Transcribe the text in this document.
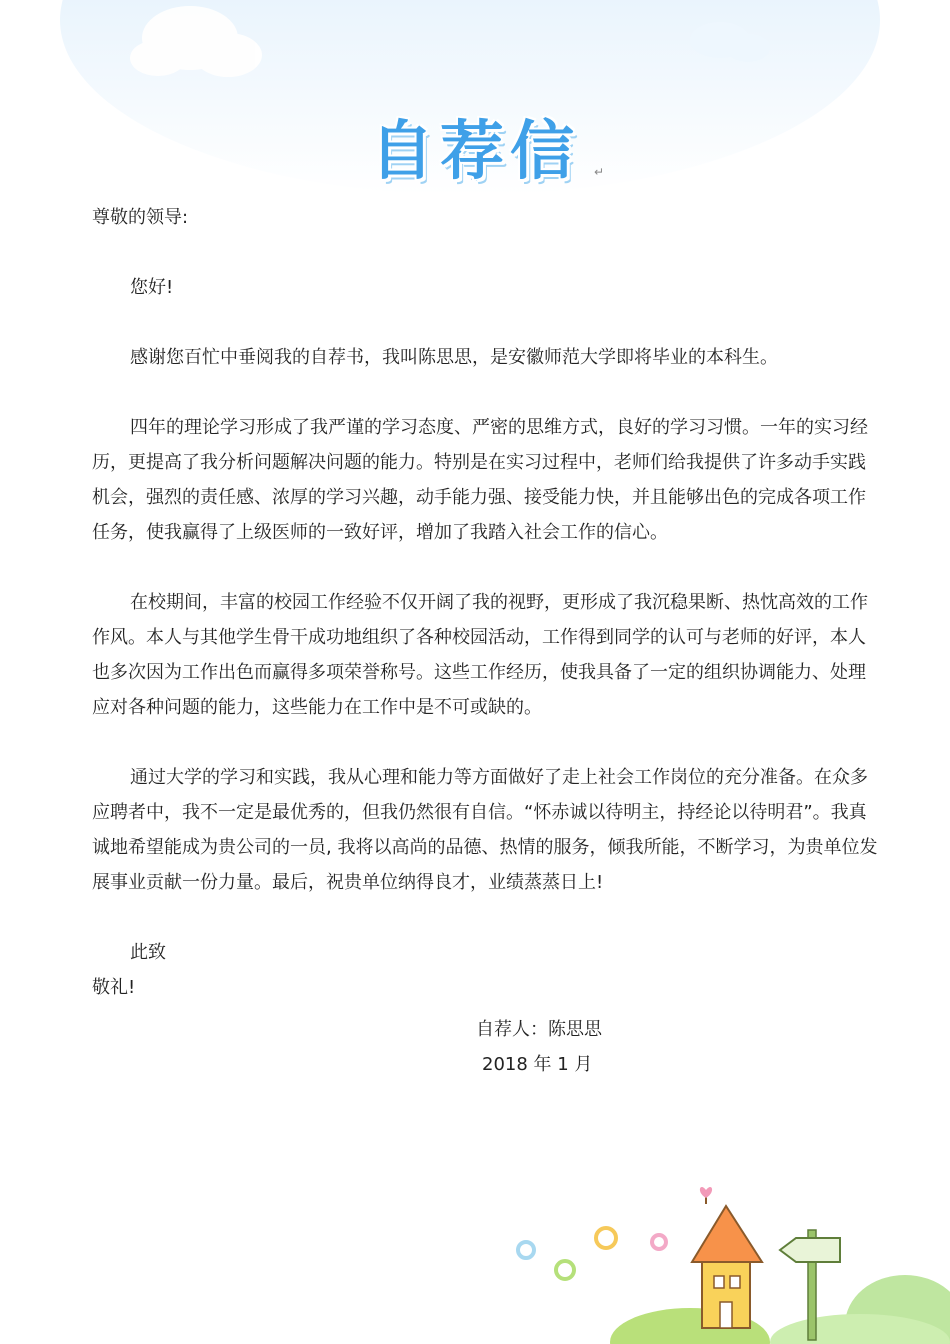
↵
自荐信

尊敬的领导:

您好!

感谢您百忙中垂阅我的自荐书，我叫陈思思，是安徽师范大学即将毕业的本科生。

四年的理论学习形成了我严谨的学习态度、严密的思维方式，良好的学习习惯。一年的实习经历，更提高了我分析问题解决问题的能力。特别是在实习过程中，老师们给我提供了许多动手实践机会，强烈的责任感、浓厚的学习兴趣，动手能力强、接受能力快，并且能够出色的完成各项工作任务，使我赢得了上级医师的一致好评，增加了我踏入社会工作的信心。

在校期间，丰富的校园工作经验不仅开阔了我的视野，更形成了我沉稳果断、热忱高效的工作作风。本人与其他学生骨干成功地组织了各种校园活动，工作得到同学的认可与老师的好评，本人也多次因为工作出色而赢得多项荣誉称号。这些工作经历，使我具备了一定的组织协调能力、处理应对各种问题的能力，这些能力在工作中是不可或缺的。

通过大学的学习和实践，我从心理和能力等方面做好了走上社会工作岗位的充分准备。在众多应聘者中，我不一定是最优秀的，但我仍然很有自信。“怀赤诚以待明主，持经论以待明君”。我真诚地希望能成为贵公司的一员, 我将以高尚的品德、热情的服务，倾我所能，不断学习，为贵单位发展事业贡献一份力量。最后，祝贵单位纳得良才，业绩蒸蒸日上!

此致

敬礼!

自荐人：陈思思
2018 年 1 月
